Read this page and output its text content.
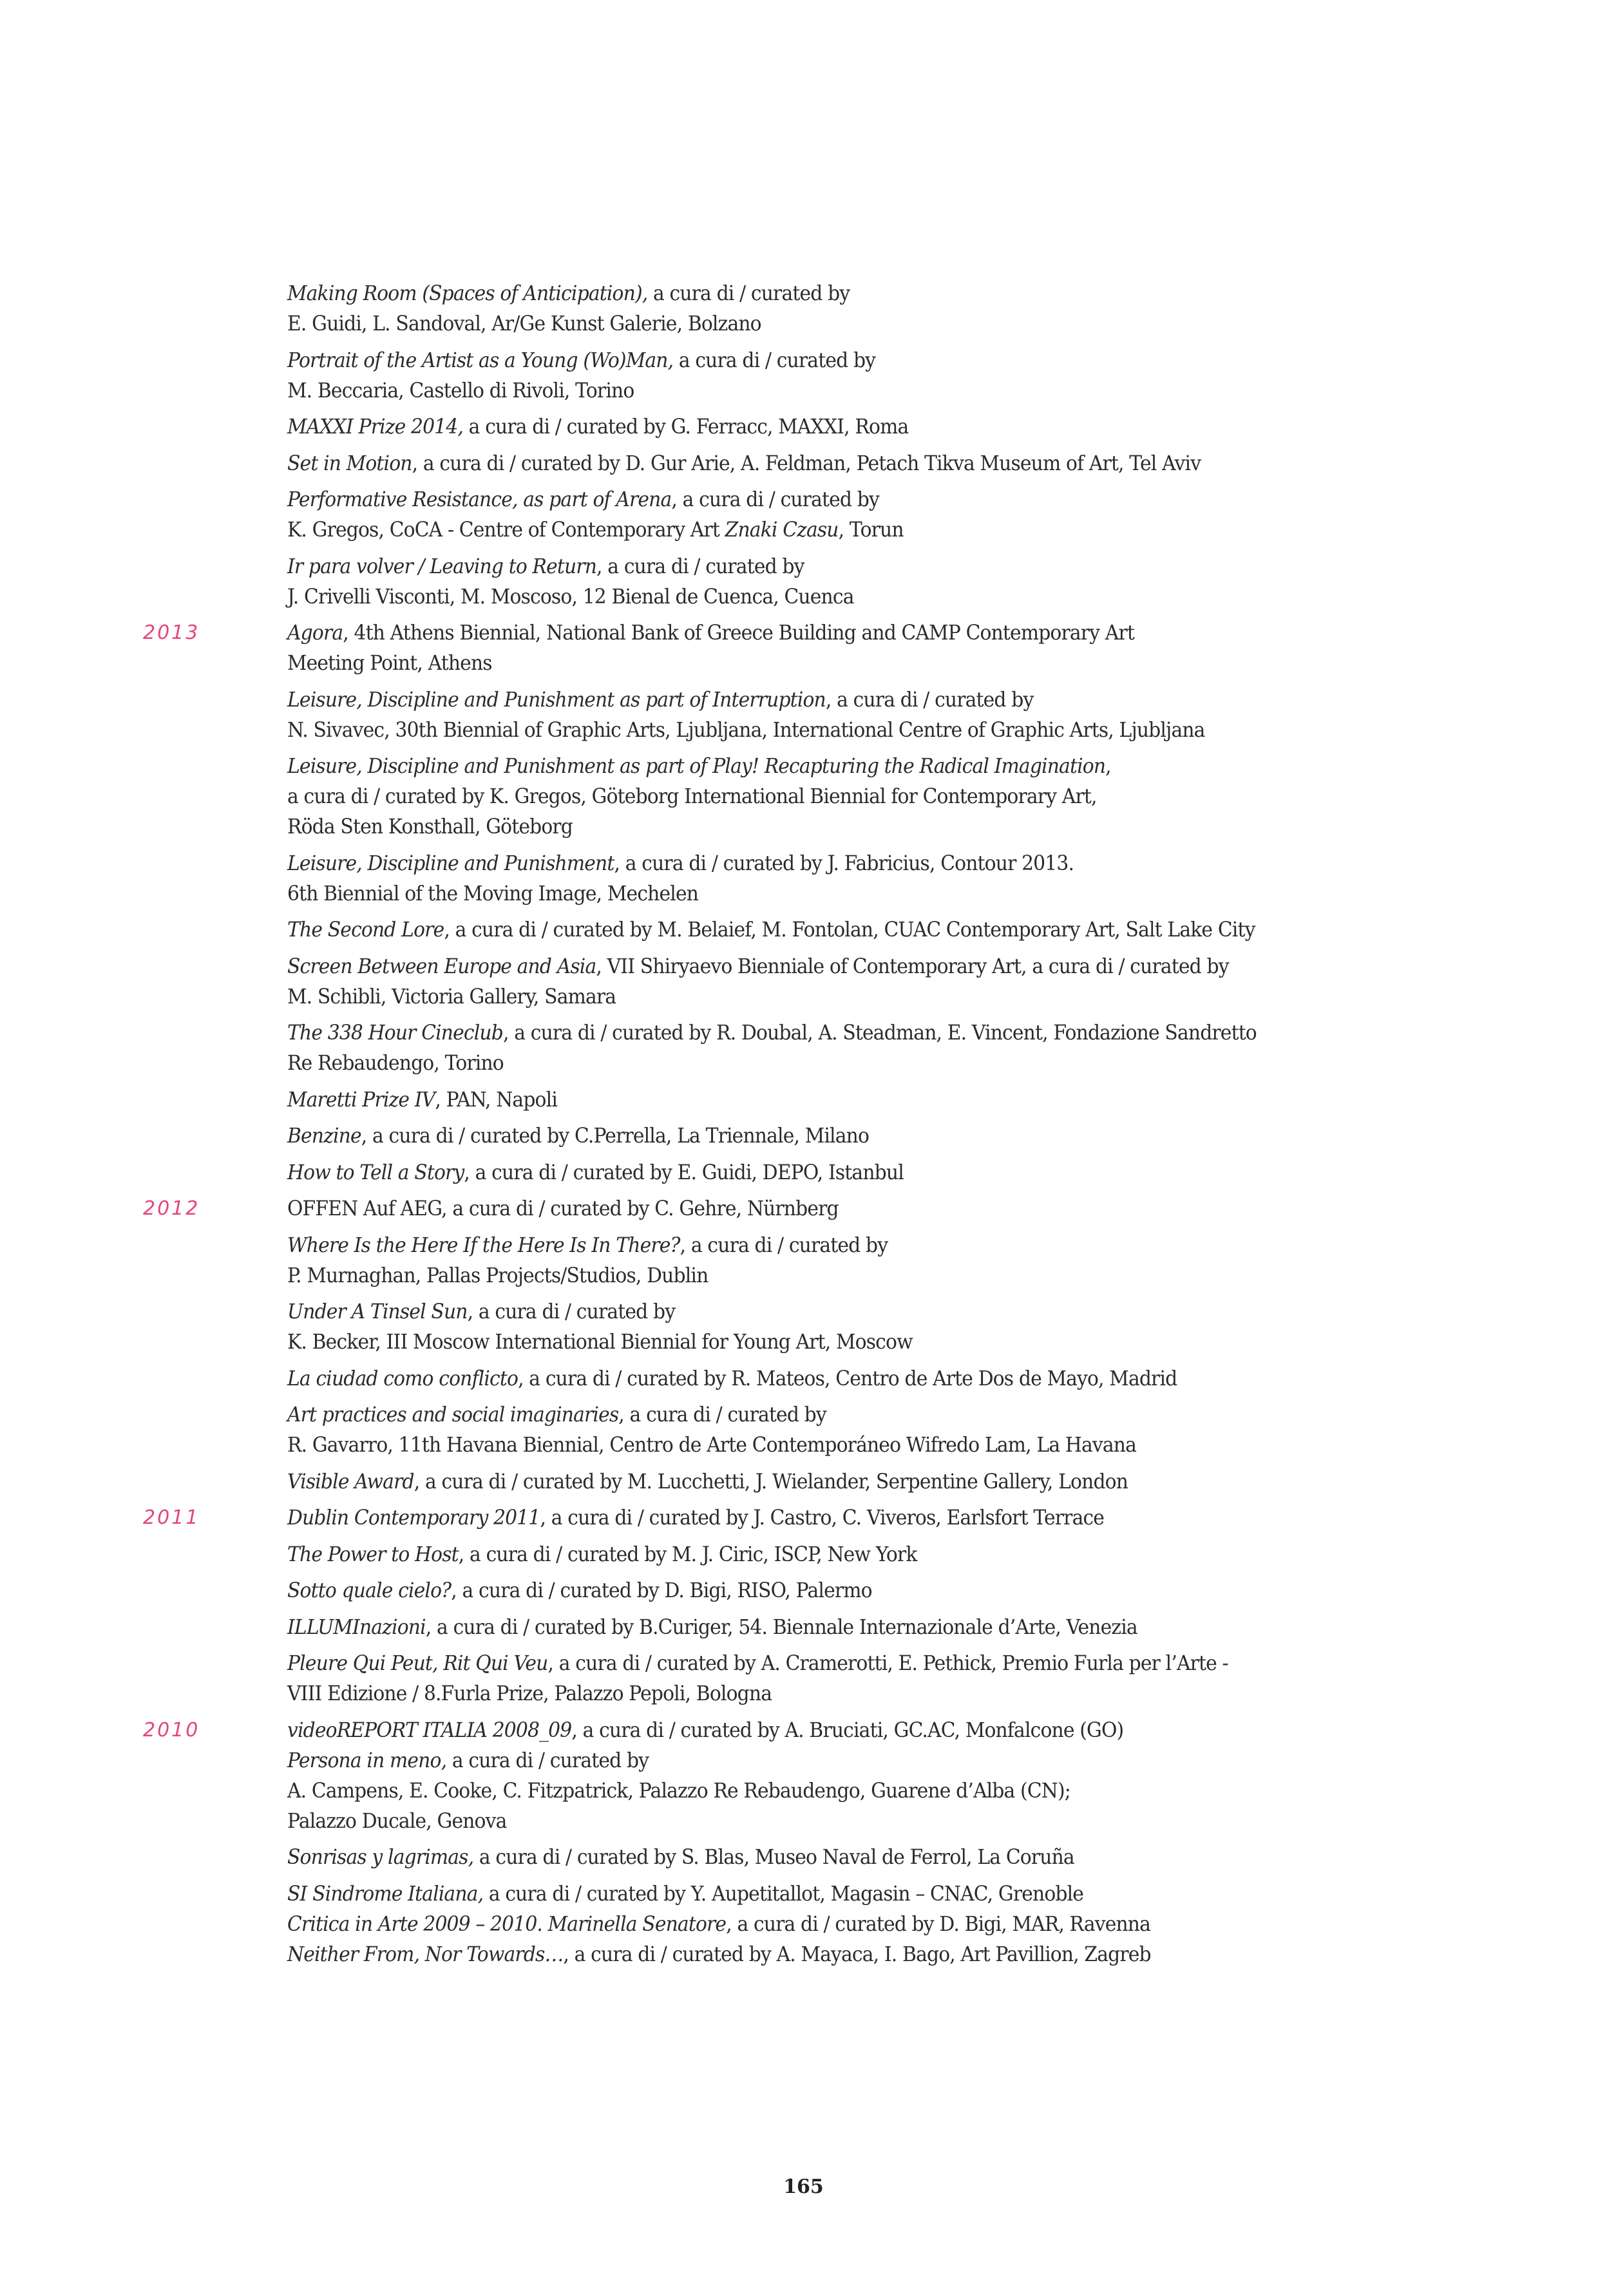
Making Room (Spaces of Anticipation), a cura di / curated by
E. Guidi, L. Sandoval, Ar/Ge Kunst Galerie, Bolzano
Portrait of the Artist as a Young (Wo)Man, a cura di / curated by
M. Beccaria, Castello di Rivoli, Torino
MAXXI Prize 2014, a cura di / curated by G. Ferracc, MAXXI, Roma
Set in Motion, a cura di / curated by D. Gur Arie, A. Feldman, Petach Tikva Museum of Art, Tel Aviv
Performative Resistance, as part of Arena, a cura di / curated by
K. Gregos, CoCA - Centre of Contemporary Art Znaki Czasu, Torun
Ir para volver / Leaving to Return, a cura di / curated by
J. Crivelli Visconti, M. Moscoso, 12 Bienal de Cuenca, Cuenca
Agora, 4th Athens Biennial, National Bank of Greece Building and CAMP Contemporary Art
Meeting Point, Athens
2013
Leisure, Discipline and Punishment as part of Interruption, a cura di / curated by
N. Sivavec, 30th Biennial of Graphic Arts, Ljubljana, International Centre of Graphic Arts, Ljubljana
Leisure, Discipline and Punishment as part of Play! Recapturing the Radical Imagination,
a cura di / curated by K. Gregos, Göteborg International Biennial for Contemporary Art,
Röda Sten Konsthall, Göteborg
Leisure, Discipline and Punishment, a cura di / curated by J. Fabricius, Contour 2013.
6th Biennial of the Moving Image, Mechelen
The Second Lore, a cura di / curated by M. Belaief, M. Fontolan, CUAC Contemporary Art, Salt Lake City
Screen Between Europe and Asia, VII Shiryaevo Bienniale of Contemporary Art, a cura di / curated by
M. Schibli, Victoria Gallery, Samara
The 338 Hour Cineclub, a cura di / curated by R. Doubal, A. Steadman, E. Vincent, Fondazione Sandretto
Re Rebaudengo, Torino
Maretti Prize IV, PAN, Napoli
Benzine, a cura di / curated by C.Perrella, La Triennale, Milano
How to Tell a Story, a cura di / curated by E. Guidi, DEPO, Istanbul
OFFEN Auf AEG, a cura di / curated by C. Gehre, Nürnberg
2012
Where Is the Here If the Here Is In There?, a cura di / curated by
P. Murnaghan, Pallas Projects/Studios, Dublin
Under A Tinsel Sun, a cura di / curated by
K. Becker, III Moscow International Biennial for Young Art, Moscow
La ciudad como conflicto, a cura di / curated by R. Mateos, Centro de Arte Dos de Mayo, Madrid
Art practices and social imaginaries, a cura di / curated by
R. Gavarro, 11th Havana Biennial, Centro de Arte Contemporáneo Wifredo Lam, La Havana
Visible Award, a cura di / curated by M. Lucchetti, J. Wielander, Serpentine Gallery, London
Dublin Contemporary 2011, a cura di / curated by J. Castro, C. Viveros, Earlsfort Terrace
2011
The Power to Host, a cura di / curated by M. J. Ciric, ISCP, New York
Sotto quale cielo?, a cura di / curated by D. Bigi, RISO, Palermo
ILLUMInazioni, a cura di / curated by B.Curiger, 54. Biennale Internazionale d’Arte, Venezia
Pleure Qui Peut, Rit Qui Veu, a cura di / curated by A. Cramerotti, E. Pethick, Premio Furla per l’Arte -
VIII Edizione / 8.Furla Prize, Palazzo Pepoli, Bologna
videoREPORT ITALIA 2008_09, a cura di / curated by A. Bruciati, GC.AC, Monfalcone (GO)
Persona in meno, a cura di / curated by
A. Campens, E. Cooke, C. Fitzpatrick, Palazzo Re Rebaudengo, Guarene d’Alba (CN);
Palazzo Ducale, Genova
2010
Sonrisas y lagrimas, a cura di / curated by S. Blas, Museo Naval de Ferrol, La Coruña
SI Sindrome Italiana, a cura di / curated by Y. Aupetitallot, Magasin – CNAC, Grenoble
Critica in Arte 2009 – 2010. Marinella Senatore, a cura di / curated by D. Bigi, MAR, Ravenna
Neither From, Nor Towards…, a cura di / curated by A. Mayaca, I. Bago, Art Pavillion, Zagreb
165
